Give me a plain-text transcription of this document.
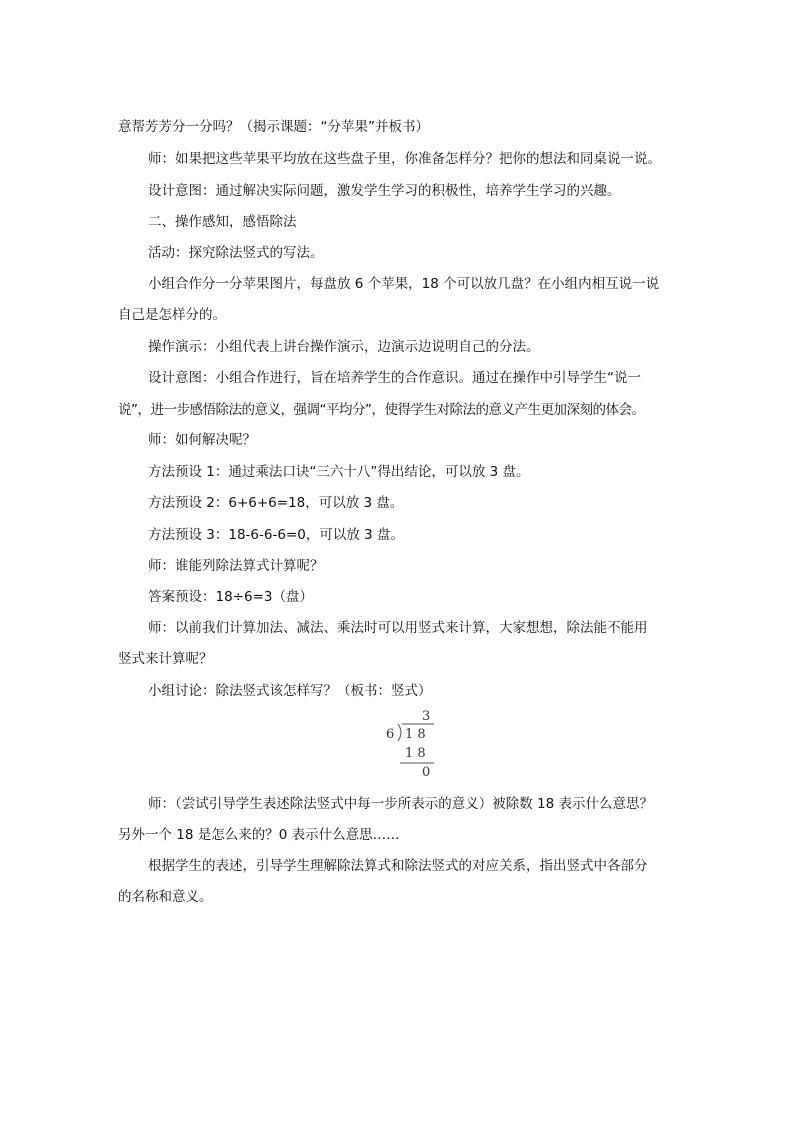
意帮芳芳分一分吗？（揭示课题：“分苹果”并板书）

师：如果把这些苹果平均放在这些盘子里，你准备怎样分？把你的想法和同桌说一说。

设计意图：通过解决实际问题，激发学生学习的积极性，培养学生学习的兴趣。

二、操作感知，感悟除法

活动：探究除法竖式的写法。

小组合作分一分苹果图片，每盘放 6 个苹果，18 个可以放几盘？在小组内相互说一说

自己是怎样分的。

操作演示：小组代表上讲台操作演示，边演示边说明自己的分法。

设计意图：小组合作进行，旨在培养学生的合作意识。通过在操作中引导学生“说一

说”，进一步感悟除法的意义，强调“平均分”，使得学生对除法的意义产生更加深刻的体会。

师：如何解决呢？

方法预设 1：通过乘法口诀“三六十八”得出结论，可以放 3 盘。

方法预设 2：6+6+6=18，可以放 3 盘。

方法预设 3：18-6-6-6=0，可以放 3 盘。

师：谁能列除法算式计算呢？

答案预设：18÷6=3（盘）

师：以前我们计算加法、减法、乘法时可以用竖式来计算，大家想想，除法能不能用

竖式来计算呢？

小组讨论：除法竖式该怎样写？（板书：竖式）

3
6 1 8
1 8
0

师：（尝试引导学生表述除法竖式中每一步所表示的意义）被除数 18 表示什么意思？

另外一个 18 是怎么来的？0 表示什么意思……

根据学生的表述，引导学生理解除法算式和除法竖式的对应关系，指出竖式中各部分

的名称和意义。
